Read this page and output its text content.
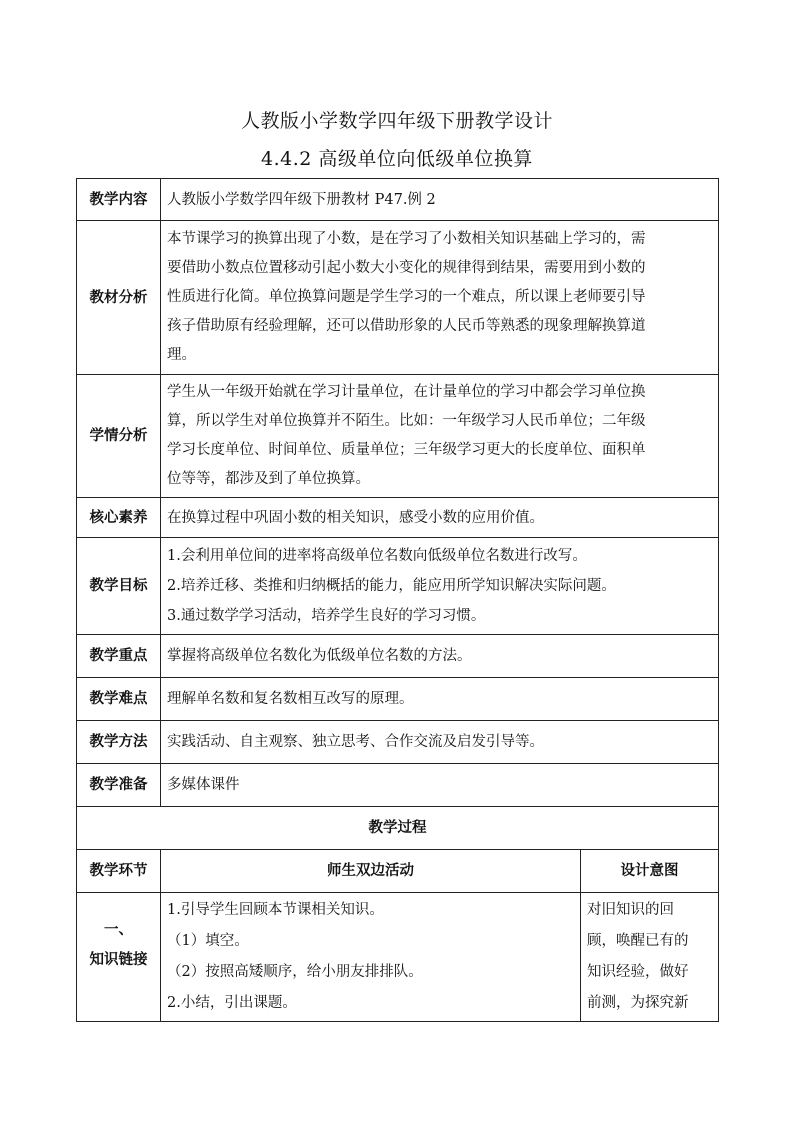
人教版小学数学四年级下册教学设计
4.4.2 高级单位向低级单位换算
教学内容	人教版小学数学四年级下册教材 P47.例 2	
教材分析	本节课学习的换算出现了小数，是在学习了小数相关知识基础上学习的，需
要借助小数点位置移动引起小数大小变化的规律得到结果，需要用到小数的
性质进行化简。单位换算问题是学生学习的一个难点，所以课上老师要引导
孩子借助原有经验理解，还可以借助形象的人民币等熟悉的现象理解换算道
理。	

学情分析	学生从一年级开始就在学习计量单位，在计量单位的学习中都会学习单位换
算，所以学生对单位换算并不陌生。比如：一年级学习人民币单位；二年级
学习长度单位、时间单位、质量单位；三年级学习更大的长度单位、面积单
位等等，都涉及到了单位换算。	

核心素养	在换算过程中巩固小数的相关知识，感受小数的应用价值。	
教学目标	1.会利用单位间的进率将高级单位名数向低级单位名数进行改写。
2.培养迁移、类推和归纳概括的能力，能应用所学知识解决实际问题。
3.通过数学学习活动，培养学生良好的学习习惯。	

教学重点	掌握将高级单位名数化为低级单位名数的方法。	
教学难点	理解单名数和复名数相互改写的原理。	
教学方法	实践活动、自主观察、独立思考、合作交流及启发引导等。	
教学准备	多媒体课件	
教学过程		
教学环节	师生双边活动	设计意图

一、
知识链接	1.引导学生回顾本节课相关知识。
（1）填空。
（2）按照高矮顺序，给小朋友排排队。
2.小结，引出课题。	对旧知识的回
顾，唤醒已有的
知识经验，做好
前测，为探究新
